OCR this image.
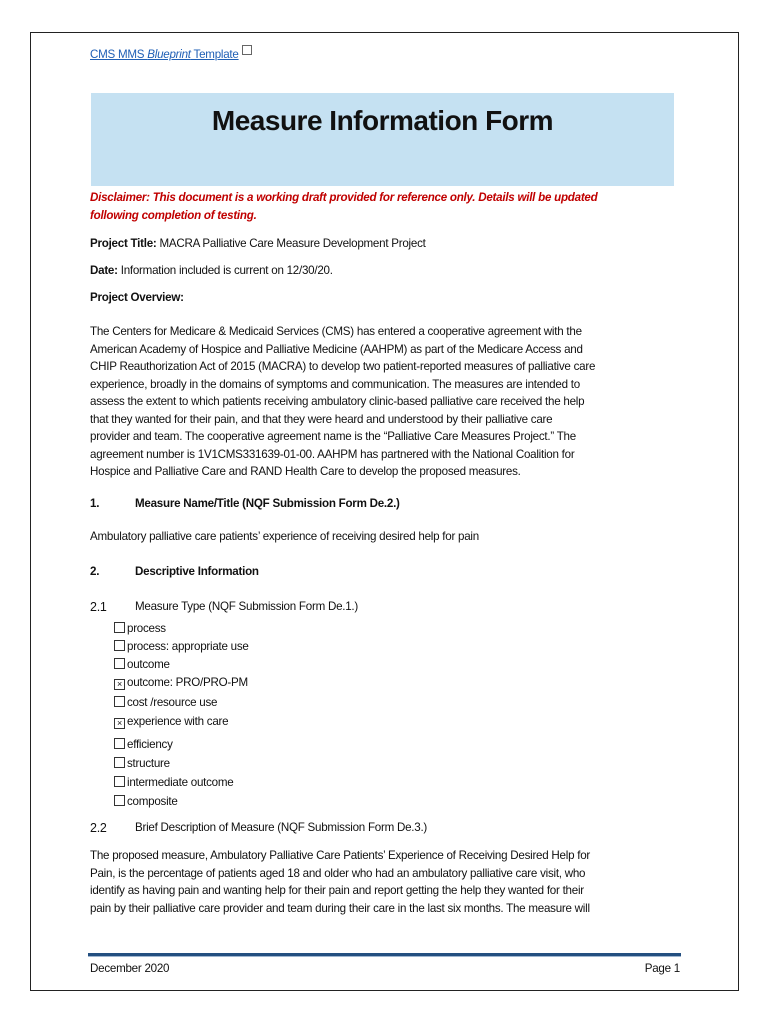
CMS MMS Blueprint Template
Measure Information Form
Disclaimer: This document is a working draft provided for reference only. Details will be updated
following completion of testing.
Project Title: MACRA Palliative Care Measure Development Project
Date: Information included is current on 12/30/20.
Project Overview:
The Centers for Medicare & Medicaid Services (CMS) has entered a cooperative agreement with the
American Academy of Hospice and Palliative Medicine (AAHPM) as part of the Medicare Access and
CHIP Reauthorization Act of 2015 (MACRA) to develop two patient-reported measures of palliative care
experience, broadly in the domains of symptoms and communication. The measures are intended to
assess the extent to which patients receiving ambulatory clinic-based palliative care received the help
that they wanted for their pain, and that they were heard and understood by their palliative care
provider and team. The cooperative agreement name is the “Palliative Care Measures Project.” The
agreement number is 1V1CMS331639-01-00. AAHPM has partnered with the National Coalition for
Hospice and Palliative Care and RAND Health Care to develop the proposed measures.
1.	Measure Name/Title (NQF Submission Form De.2.)
Ambulatory palliative care patients’ experience of receiving desired help for pain
2.	Descriptive Information
2.1 Measure Type (NQF Submission Form De.1.)
process
process: appropriate use
outcome
× outcome: PRO/PRO-PM
cost /resource use
× experience with care
efficiency
structure
intermediate outcome
composite
2.2 Brief Description of Measure (NQF Submission Form De.3.)
The proposed measure, Ambulatory Palliative Care Patients’ Experience of Receiving Desired Help for
Pain, is the percentage of patients aged 18 and older who had an ambulatory palliative care visit, who
identify as having pain and wanting help for their pain and report getting the help they wanted for their
pain by their palliative care provider and team during their care in the last six months. The measure will
December 2020	Page 1
